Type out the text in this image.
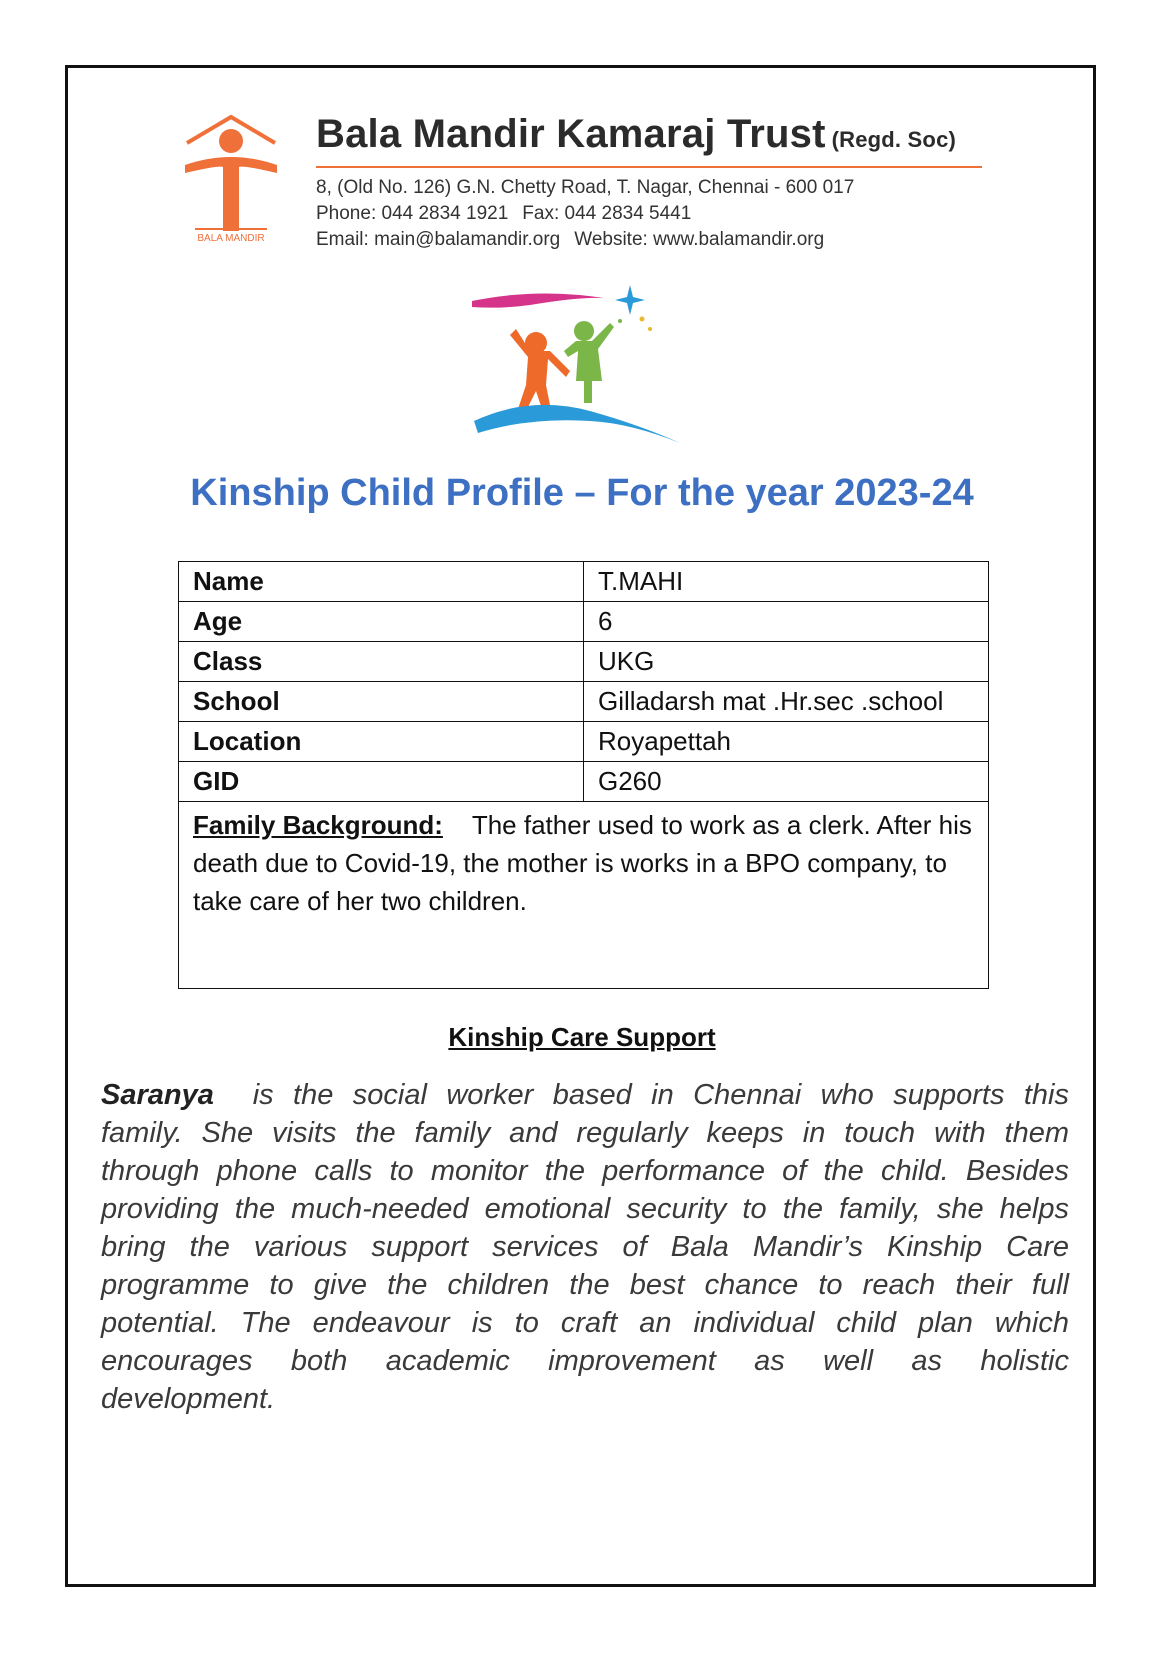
BALA MANDIR
Bala Mandir Kamaraj Trust (Regd. Soc)
8, (Old No. 126) G.N. Chetty Road, T. Nagar, Chennai - 600 017
Phone: 044 2834 1921 Fax: 044 2834 5441
Email: main@balamandir.org Website: www.balamandir.org
Kinship Child Profile – For the year 2023-24
Name	T.MAHI
Age	6
Class	UKG
School	Gilladarsh mat .Hr.sec .school
Location	Royapettah
GID	G260
Family Background: The father used to work as a clerk. After his death due to Covid-19, the mother is works in a BPO company, to take care of her two children.	
Kinship Care Support
Saranya is the social worker based in Chennai who supports this family. She visits the family and regularly keeps in touch with them through phone calls to monitor the performance of the child. Besides providing the much-needed emotional security to the family, she helps bring the various support services of Bala Mandir’s Kinship Care programme to give the children the best chance to reach their full potential. The endeavour is to craft an individual child plan which encourages both academic improvement as well as holistic development.
